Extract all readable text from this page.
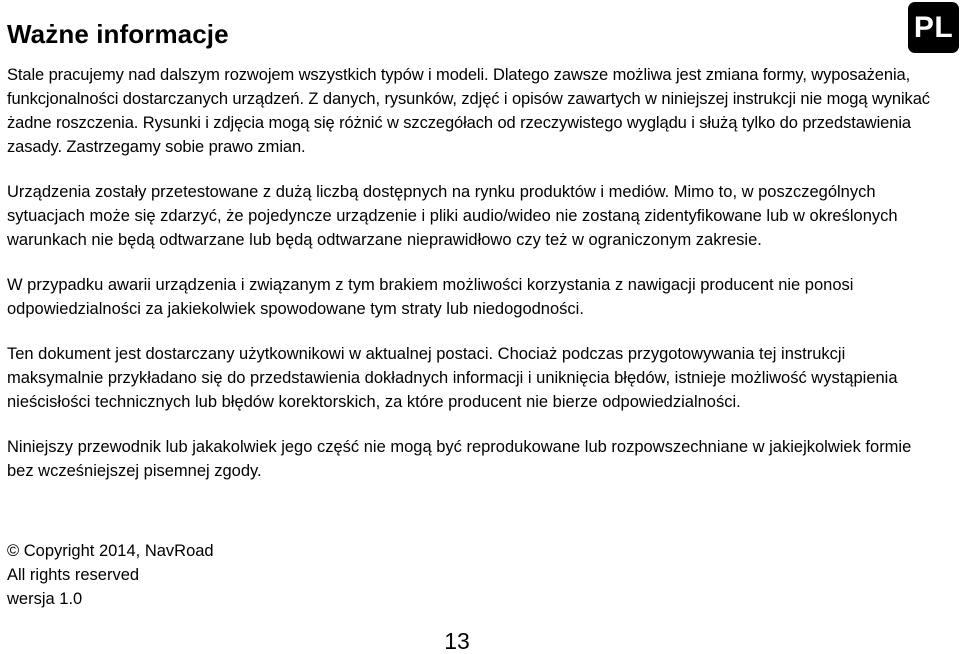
Ważne informacje	PL

Stale pracujemy nad dalszym rozwojem wszystkich typów i modeli. Dlatego zawsze możliwa jest zmiana formy, wyposażenia, funkcjonalności dostarczanych urządzeń. Z danych, rysunków, zdjęć i opisów zawartych w niniejszej instrukcji nie mogą wynikać żadne roszczenia. Rysunki i zdjęcia mogą się różnić w szczegółach od rzeczywistego wyglądu i służą tylko do przedstawienia zasady. Zastrzegamy sobie prawo zmian.

Urządzenia zostały przetestowane z dużą liczbą dostępnych na rynku produktów i mediów. Mimo to, w poszczególnych sytuacjach może się zdarzyć, że pojedyncze urządzenie i pliki audio/wideo nie zostaną zidentyfikowane lub w określonych warunkach nie będą odtwarzane lub będą odtwarzane nieprawidłowo czy też w ograniczonym zakresie.

W przypadku awarii urządzenia i związanym z tym brakiem możliwości korzystania z nawigacji producent nie ponosi odpowiedzialności za jakiekolwiek spowodowane tym straty lub niedogodności.

Ten dokument jest dostarczany użytkownikowi w aktualnej postaci. Chociaż podczas przygotowywania tej instrukcji maksymalnie przykładano się do przedstawienia dokładnych informacji i uniknięcia błędów, istnieje możliwość wystąpienia nieścisłości technicznych lub błędów korektorskich, za które producent nie bierze odpowiedzialności.

Niniejszy przewodnik lub jakakolwiek jego część nie mogą być reprodukowane lub rozpowszechniane w jakiejkolwiek formie bez wcześniejszej pisemnej zgody.

© Copyright 2014, NavRoad
All rights reserved
wersja 1.0
13
